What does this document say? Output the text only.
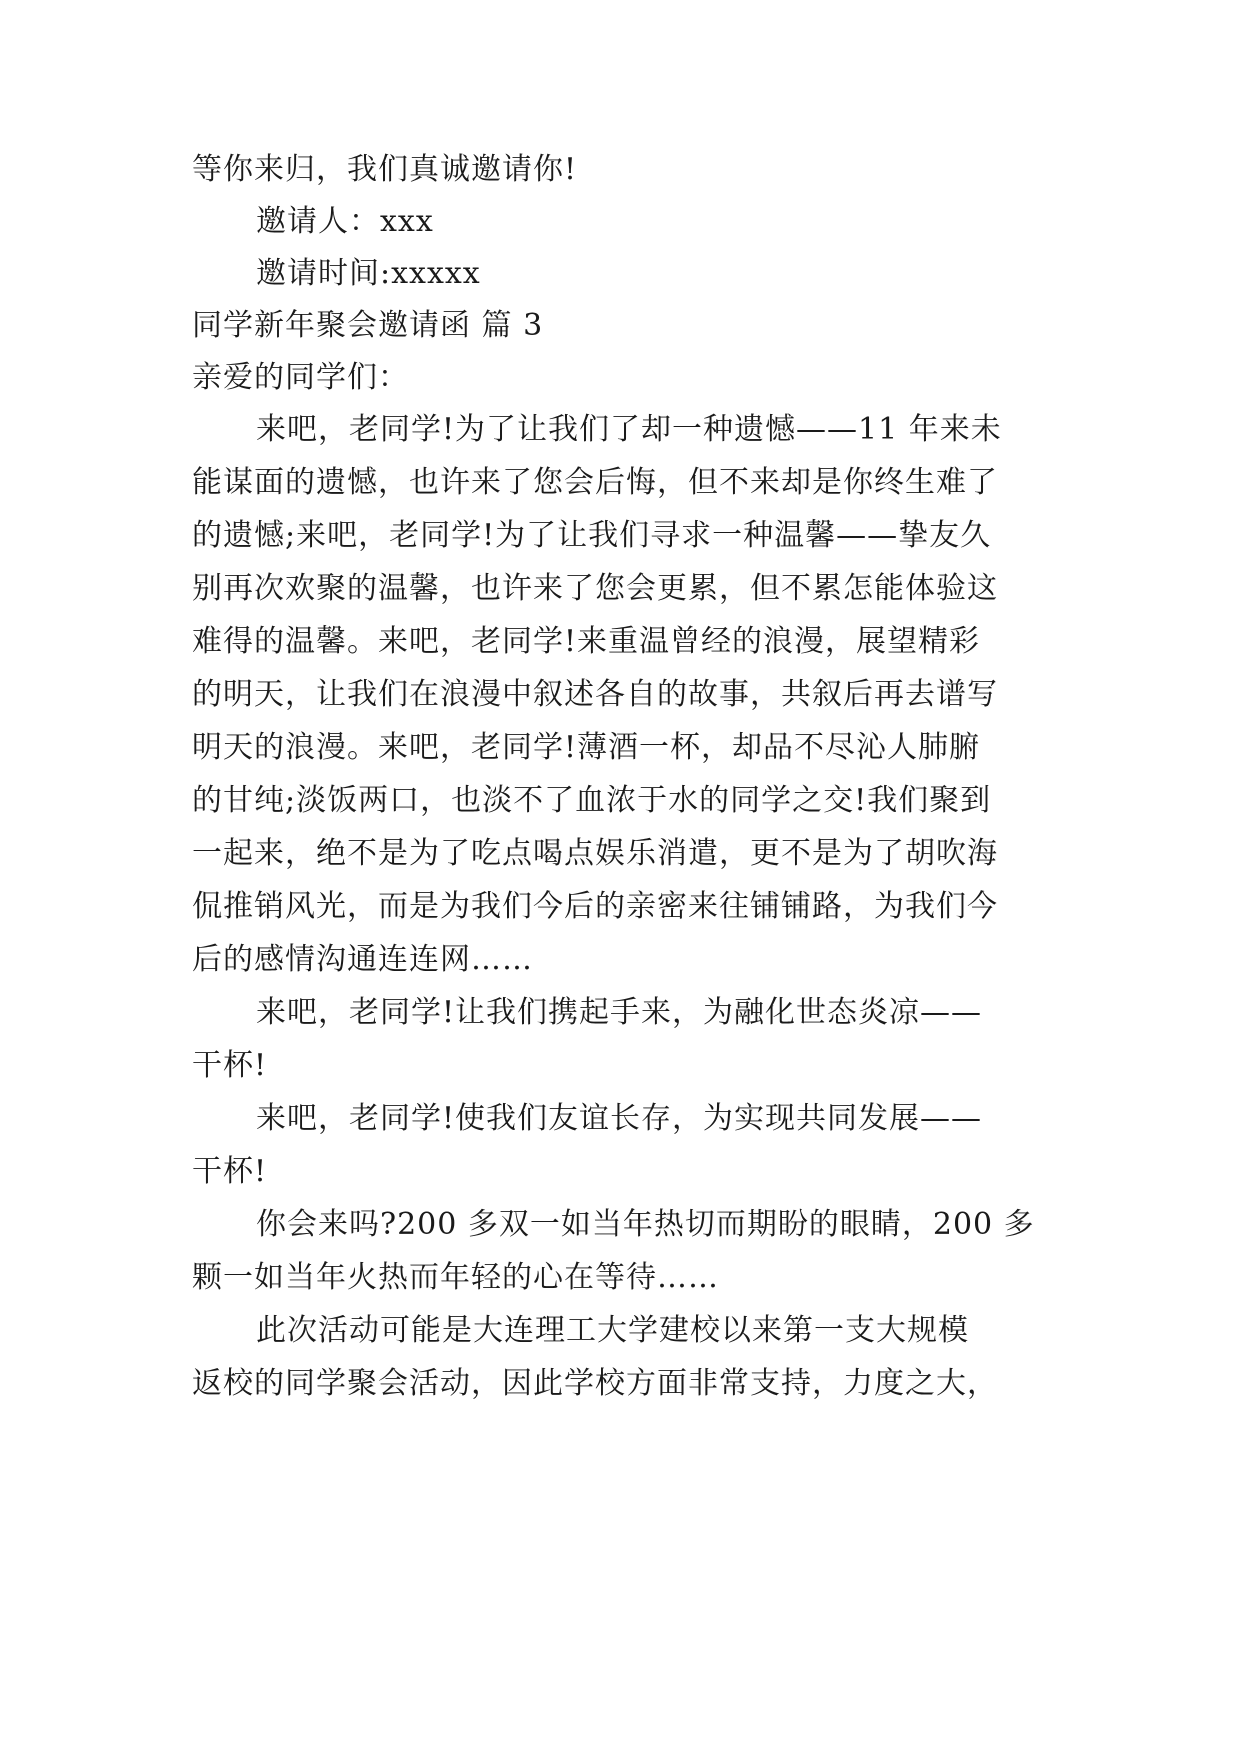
等你来归，我们真诚邀请你!
邀请人：xxx
邀请时间:xxxxx
同学新年聚会邀请函 篇 3
亲爱的同学们：
来吧，老同学!为了让我们了却一种遗憾——11 年来未
能谋面的遗憾，也许来了您会后悔，但不来却是你终生难了
的遗憾;来吧，老同学!为了让我们寻求一种温馨——挚友久
别再次欢聚的温馨，也许来了您会更累，但不累怎能体验这
难得的温馨。来吧，老同学!来重温曾经的浪漫，展望精彩
的明天，让我们在浪漫中叙述各自的故事，共叙后再去谱写
明天的浪漫。来吧，老同学!薄酒一杯，却品不尽沁人肺腑
的甘纯;淡饭两口，也淡不了血浓于水的同学之交!我们聚到
一起来，绝不是为了吃点喝点娱乐消遣，更不是为了胡吹海
侃推销风光，而是为我们今后的亲密来往铺铺路，为我们今
后的感情沟通连连网……
来吧，老同学!让我们携起手来，为融化世态炎凉——
干杯!
来吧，老同学!使我们友谊长存，为实现共同发展——
干杯!
你会来吗?200 多双一如当年热切而期盼的眼睛，200 多
颗一如当年火热而年轻的心在等待……
此次活动可能是大连理工大学建校以来第一支大规模
返校的同学聚会活动，因此学校方面非常支持，力度之大，
